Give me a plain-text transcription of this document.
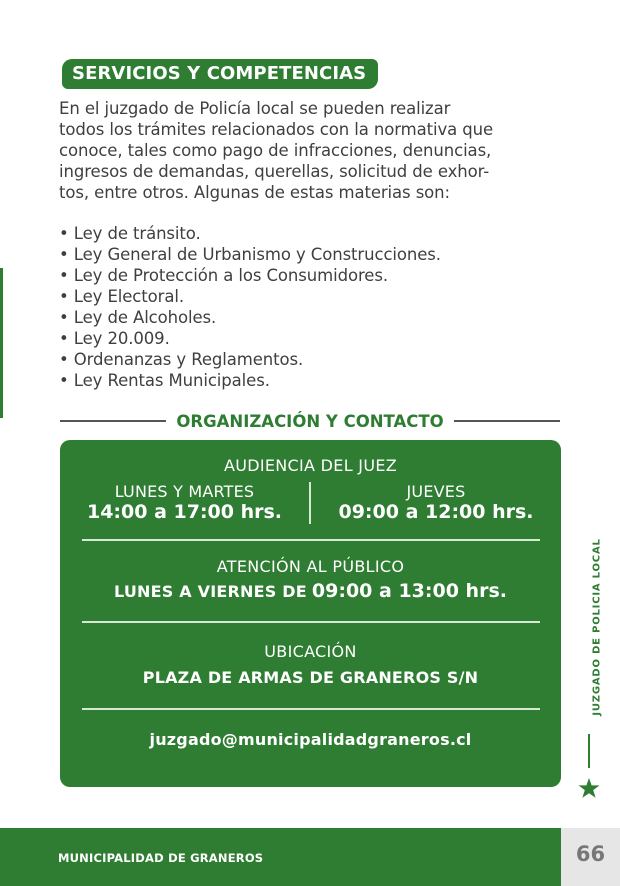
SERVICIOS Y COMPETENCIAS

En el juzgado de Policía local se pueden realizar

todos los trámites relacionados con la normativa que

conoce, tales como pago de infracciones, denuncias,

ingresos de demandas, querellas, solicitud de exhor-

tos, entre otros. Algunas de estas materias son:

• Ley de tránsito.
• Ley General de Urbanismo y Construcciones.
• Ley de Protección a los Consumidores.
• Ley Electoral.
• Ley de Alcoholes.
• Ley 20.009.
• Ordenanzas y Reglamentos.
• Ley Rentas Municipales.
ORGANIZACIÓN Y CONTACTO
AUDIENCIA DEL JUEZ
LUNES Y MARTES
14:00 a 17:00 hrs.
JUEVES
09:00 a 12:00 hrs.
ATENCIÓN AL PÚBLICO
LUNES A VIERNES DE 09:00 a 13:00 hrs.
UBICACIÓN
PLAZA DE ARMAS DE GRANEROS S/N
juzgado@municipalidadgraneros.cl
JUZGADO DE POLICIA LOCAL
MUNICIPALIDAD DE GRANEROS	66
